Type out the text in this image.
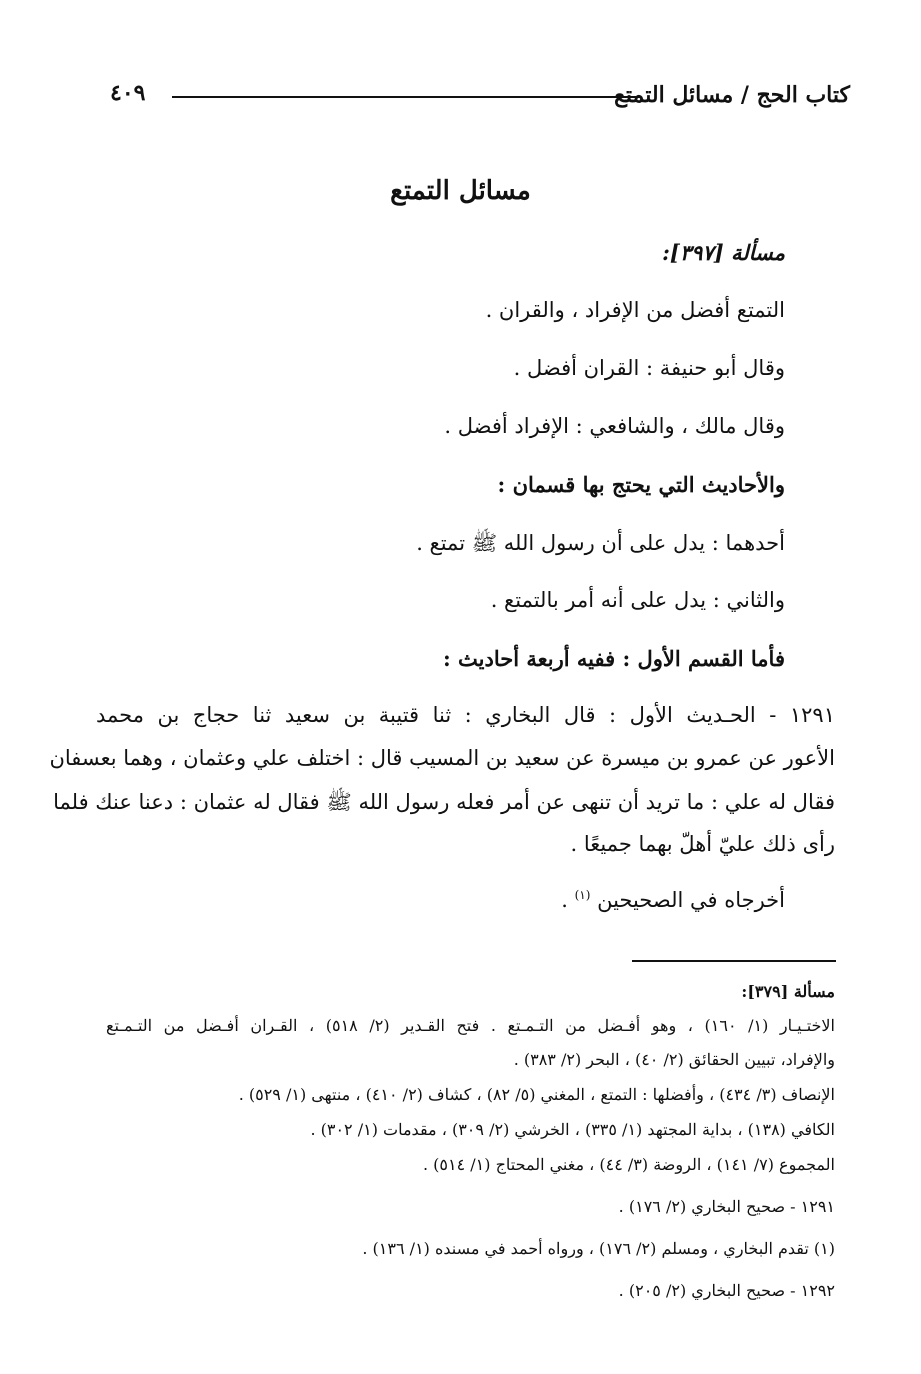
كتاب الحج / مسائل التمتع
٤٠٩
مسائل التمتع
مسألة [٣٩٧]:
التمتع أفضل من الإفراد ، والقران .
وقال أبو حنيفة : القران أفضل .
وقال مالك ، والشافعي : الإفراد أفضل .
والأحاديث التي يحتج بها قسمان :
أحدهما : يدل على أن رسول الله ﷺ تمتع .
والثاني : يدل على أنه أمر بالتمتع .
فأما القسم الأول : ففيه أربعة أحاديث :
١٢٩١ - الحـديث الأول : قال البخاري : ثنا قتيبة بن سعيد ثنا حجاج بن محمد
الأعور عن عمرو بن ميسرة عن سعيد بن المسيب قال : اختلف علي وعثمان ، وهما بعسفان
فقال له علي : ما تريد أن تنهى عن أمر فعله رسول الله ﷺ فقال له عثمان : دعنا عنك فلما
رأى ذلك عليّ أهلّ بهما جميعًا .
أخرجاه في الصحيحين $^{(١)}$ .
مسألة [٣٧٩]:
الاختـيـار (١/ ١٦٠) ، وهو أفـضل من التـمـتع . فتح القـدير (٢/ ٥١٨) ، القـران أفـضل من التـمـتع
والإفراد، تبيين الحقائق (٢/ ٤٠) ، البحر (٢/ ٣٨٣) .
الإنصاف (٣/ ٤٣٤) ، وأفضلها : التمتع ، المغني (٥/ ٨٢) ، كشاف (٢/ ٤١٠) ، منتهى (١/ ٥٢٩) .
الكافي (١٣٨) ، بداية المجتهد (١/ ٣٣٥) ، الخرشي (٢/ ٣٠٩) ، مقدمات (١/ ٣٠٢) .
المجموع (٧/ ١٤١) ، الروضة (٣/ ٤٤) ، مغني المحتاج (١/ ٥١٤) .
١٢٩١ - صحيح البخاري (٢/ ١٧٦) .
(١) تقدم البخاري ، ومسلم (٢/ ١٧٦) ، ورواه أحمد في مسنده (١/ ١٣٦) .
١٢٩٢ - صحيح البخاري (٢/ ٢٠٥) .
